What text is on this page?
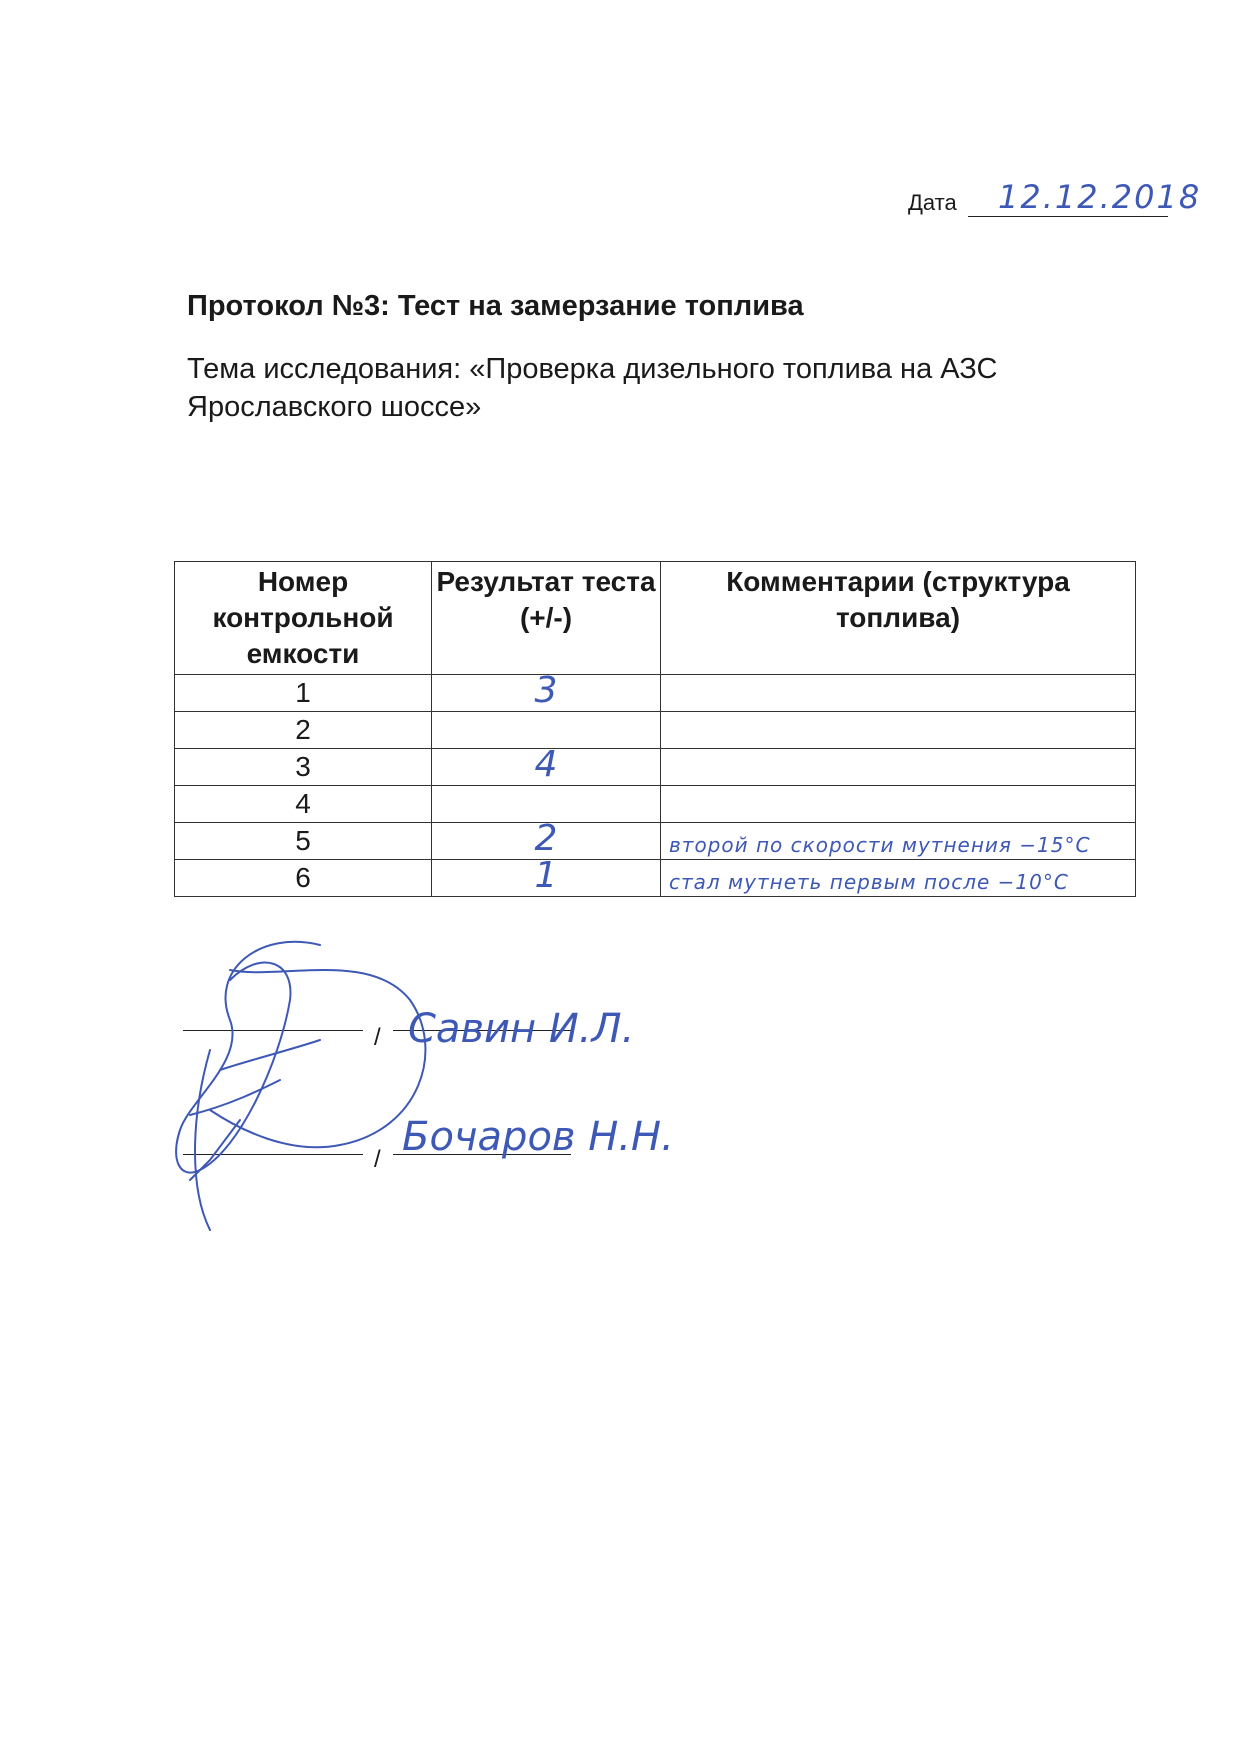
Дата 12.12.2018
Протокол №3: Тест на замерзание топлива
Тема исследования: «Проверка дизельного топлива на АЗС Ярославского шоссе»
Номер контрольной емкости	Результат теста (+/-)	Комментарии (структура топлива)
1	3	

2	

3	4	

4	

5	2	второй по скорости мутнения −15°С

6	1	стал мутнеть первым после −10°С
/ Савин И.Л.
/ Бочаров Н.Н.
